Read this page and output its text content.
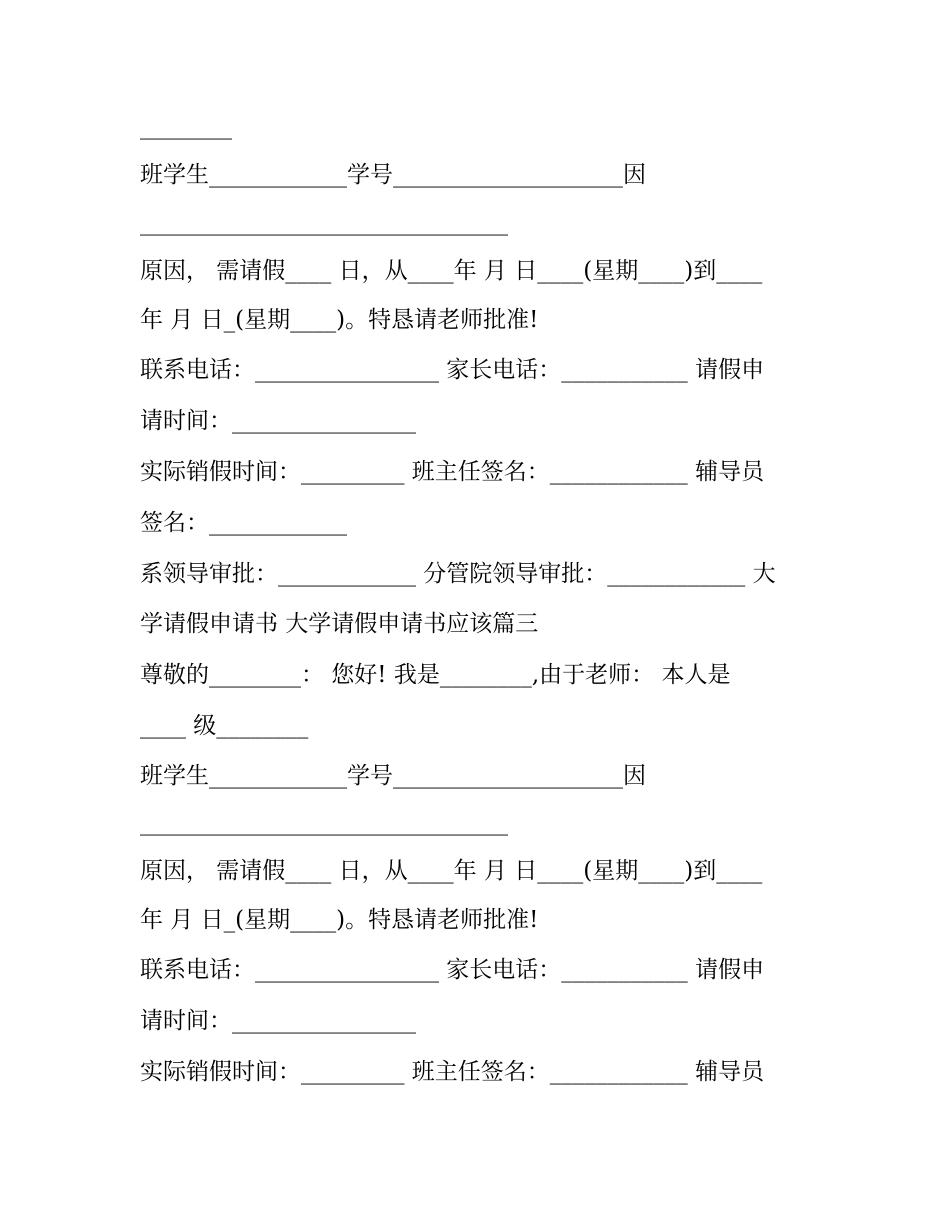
________

班学生____________学号____________________因

________________________________

原因， 需请假____ 日，从____年 月 日____(星期____)到____

年 月 日_(星期____)。特恳请老师批准!

联系电话：________________ 家长电话：___________ 请假申

请时间：________________

实际销假时间：_________ 班主任签名：____________ 辅导员

签名：____________

系领导审批：____________ 分管院领导审批：____________ 大

学请假申请书 大学请假申请书应该篇三

尊敬的________： 您好! 我是________,由于老师： 本人是

____ 级________

班学生____________学号____________________因

________________________________

原因， 需请假____ 日，从____年 月 日____(星期____)到____

年 月 日_(星期____)。特恳请老师批准!

联系电话：________________ 家长电话：___________ 请假申

请时间：________________

实际销假时间：_________ 班主任签名：____________ 辅导员
